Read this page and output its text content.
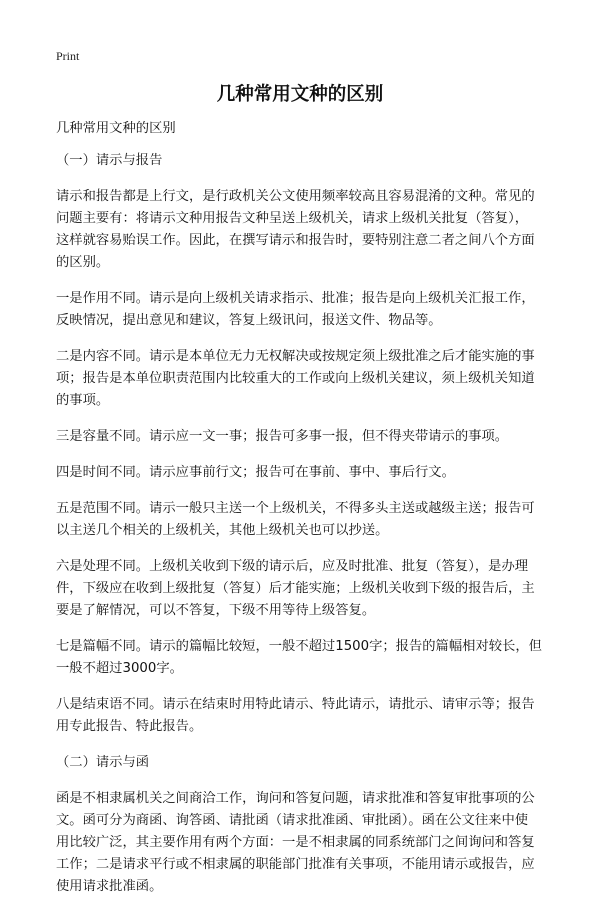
Print
几种常用文种的区别
几种常用文种的区别
（一）请示与报告
请示和报告都是上行文，是行政机关公文使用频率较高且容易混淆的文种。常见的
问题主要有：将请示文种用报告文种呈送上级机关，请求上级机关批复（答复），
这样就容易贻误工作。因此，在撰写请示和报告时，要特别注意二者之间八个方面
的区别。
一是作用不同。请示是向上级机关请求指示、批准；报告是向上级机关汇报工作，
反映情况，提出意见和建议，答复上级讯问，报送文件、物品等。
二是内容不同。请示是本单位无力无权解决或按规定须上级批准之后才能实施的事
项；报告是本单位职责范围内比较重大的工作或向上级机关建议，须上级机关知道
的事项。
三是容量不同。请示应一文一事；报告可多事一报，但不得夹带请示的事项。
四是时间不同。请示应事前行文；报告可在事前、事中、事后行文。
五是范围不同。请示一般只主送一个上级机关，不得多头主送或越级主送；报告可
以主送几个相关的上级机关，其他上级机关也可以抄送。
六是处理不同。上级机关收到下级的请示后，应及时批准、批复（答复），是办理
件，下级应在收到上级批复（答复）后才能实施；上级机关收到下级的报告后，主
要是了解情况，可以不答复，下级不用等待上级答复。
七是篇幅不同。请示的篇幅比较短，一般不超过1500字；报告的篇幅相对较长，但
一般不超过3000字。
八是结束语不同。请示在结束时用特此请示、特此请示，请批示、请审示等；报告
用专此报告、特此报告。
（二）请示与函
函是不相隶属机关之间商洽工作，询问和答复问题，请求批准和答复审批事项的公
文。函可分为商函、询答函、请批函（请求批准函、审批函）。函在公文往来中使
用比较广泛，其主要作用有两个方面：一是不相隶属的同系统部门之间询问和答复
工作；二是请求平行或不相隶属的职能部门批准有关事项，不能用请示或报告，应
使用请求批准函。
